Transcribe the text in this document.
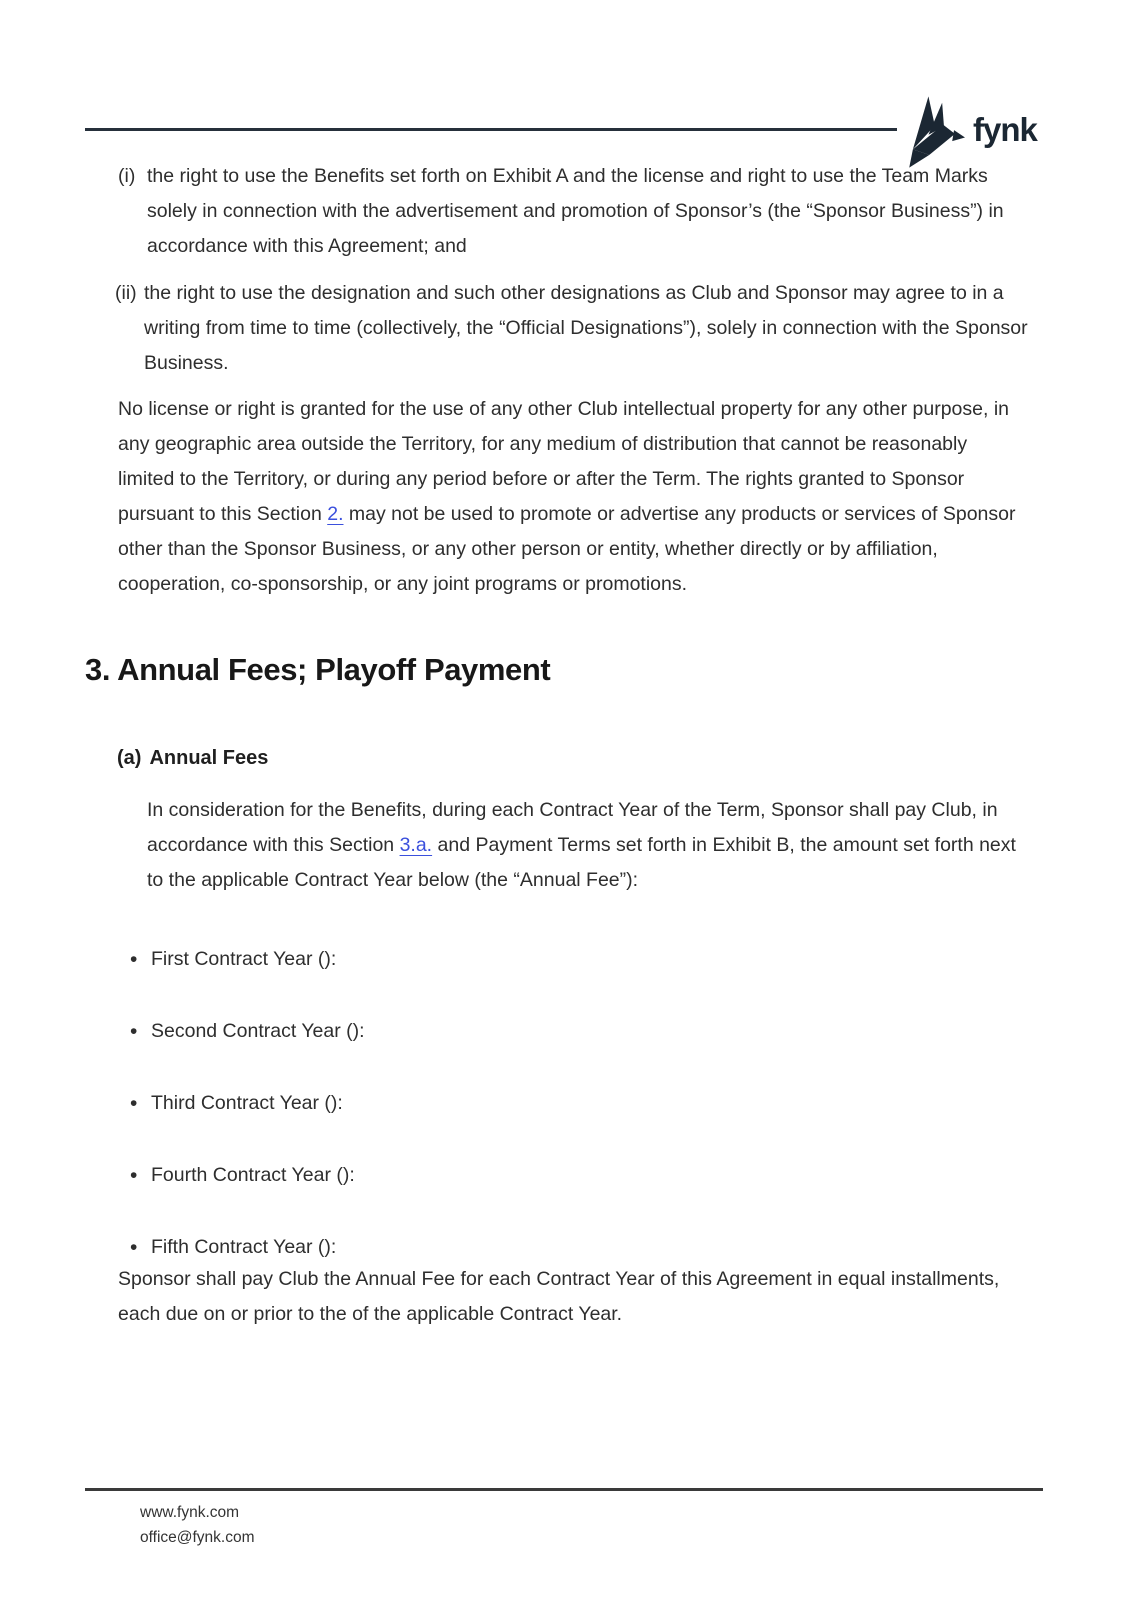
fynk
(i) the right to use the Benefits set forth on Exhibit A and the license and right to use the Team Marks solely in connection with the advertisement and promotion of Sponsor’s (the “Sponsor Business”) in accordance with this Agreement; and
(ii) the right to use the designation and such other designations as Club and Sponsor may agree to in a writing from time to time (collectively, the “Official Designations”), solely in connection with the Sponsor Business.
No license or right is granted for the use of any other Club intellectual property for any other purpose, in any geographic area outside the Territory, for any medium of distribution that cannot be reasonably limited to the Territory, or during any period before or after the Term. The rights granted to Sponsor pursuant to this Section 2. may not be used to promote or advertise any products or services of Sponsor other than the Sponsor Business, or any other person or entity, whether directly or by affiliation, cooperation, co-sponsorship, or any joint programs or promotions.
3. Annual Fees; Playoff Payment
(a) Annual Fees
In consideration for the Benefits, during each Contract Year of the Term, Sponsor shall pay Club, in accordance with this Section 3.a. and Payment Terms set forth in Exhibit B, the amount set forth next to the applicable Contract Year below (the “Annual Fee”):
• First Contract Year ():
• Second Contract Year ():
• Third Contract Year ():
• Fourth Contract Year ():
• Fifth Contract Year ():
Sponsor shall pay Club the Annual Fee for each Contract Year of this Agreement in equal installments, each due on or prior to the of the applicable Contract Year.
www.fynk.com
office@fynk.com
